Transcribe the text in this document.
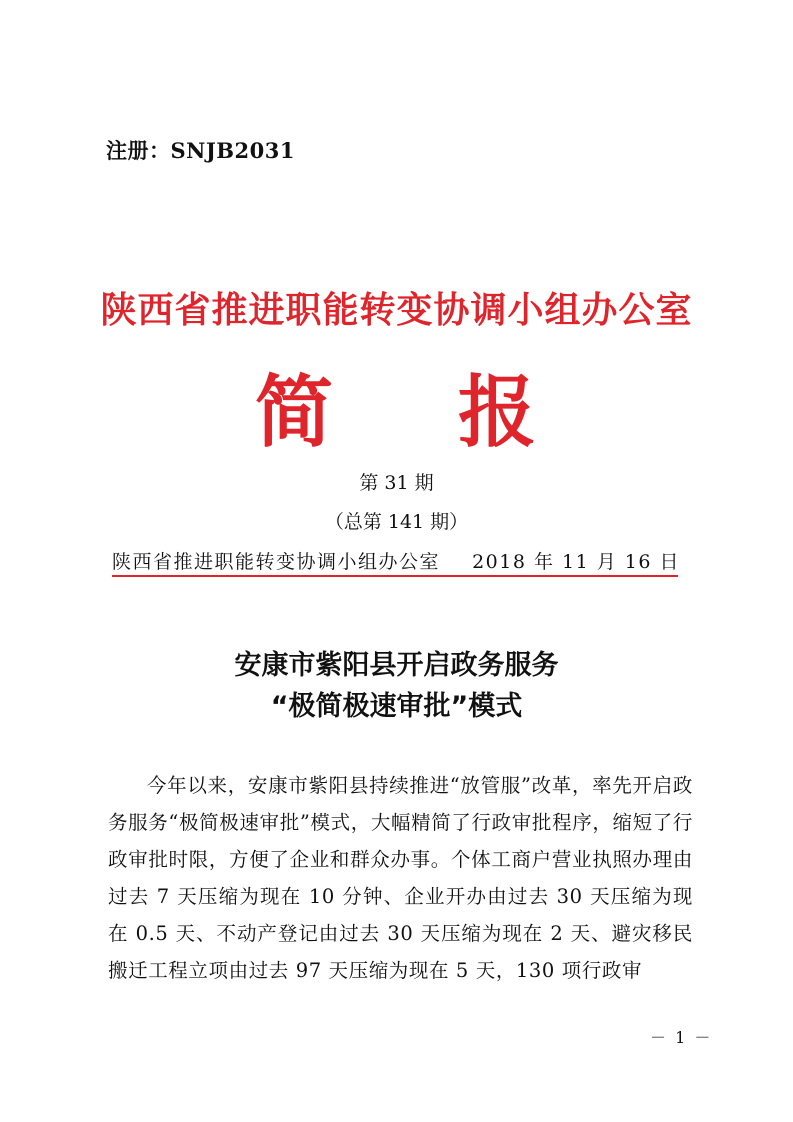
注册：SNJB2031
陕西省推进职能转变协调小组办公室
简 报
第 31 期
（总第 141 期）
陕西省推进职能转变协调小组办公室 2018 年 11 月 16 日
安康市紫阳县开启政务服务
“极简极速审批”模式
今年以来，安康市紫阳县持续推进“放管服”改革，率先开启政务服务“极简极速审批”模式，大幅精简了行政审批程序，缩短了行政审批时限，方便了企业和群众办事。个体工商户营业执照办理由过去 7 天压缩为现在 10 分钟、企业开办由过去 30 天压缩为现在 0.5 天、不动产登记由过去 30 天压缩为现在 2 天、避灾移民搬迁工程立项由过去 97 天压缩为现在 5 天，130 项行政审
－ 1 －
